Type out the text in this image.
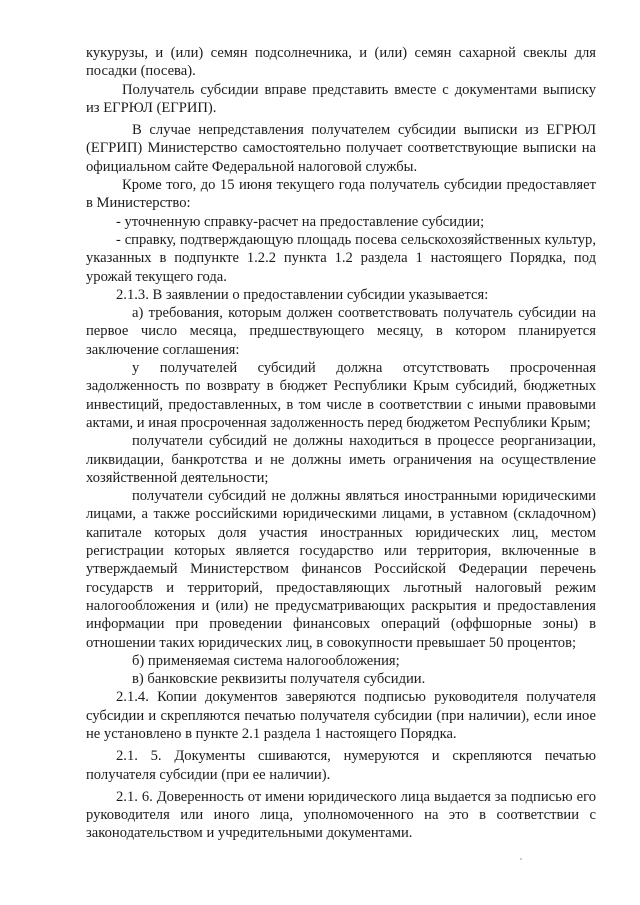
кукурузы, и (или) семян подсолнечника, и (или) семян сахарной свеклы для посадки (посева).

Получатель субсидии вправе представить вместе с документами выписку из ЕГРЮЛ (ЕГРИП).

В случае непредставления получателем субсидии выписки из ЕГРЮЛ (ЕГРИП) Министерство самостоятельно получает соответствующие выписки на официальном сайте Федеральной налоговой службы.

Кроме того, до 15 июня текущего года получатель субсидии предоставляет в Министерство:

- уточненную справку-расчет на предоставление субсидии;

- справку, подтверждающую площадь посева сельскохозяйственных культур, указанных в подпункте 1.2.2 пункта 1.2 раздела 1 настоящего Порядка, под урожай текущего года.

2.1.3. В заявлении о предоставлении субсидии указывается:

а) требования, которым должен соответствовать получатель субсидии на первое число месяца, предшествующего месяцу, в котором планируется заключение соглашения:

у получателей субсидий должна отсутствовать просроченная задолженность по возврату в бюджет Республики Крым субсидий, бюджетных инвестиций, предоставленных, в том числе в соответствии с иными правовыми актами, и иная просроченная задолженность перед бюджетом Республики Крым;

получатели субсидий не должны находиться в процессе реорганизации, ликвидации, банкротства и не должны иметь ограничения на осуществление хозяйственной деятельности;

получатели субсидий не должны являться иностранными юридическими лицами, а также российскими юридическими лицами, в уставном (складочном) капитале которых доля участия иностранных юридических лиц, местом регистрации которых является государство или территория, включенные в утверждаемый Министерством финансов Российской Федерации перечень государств и территорий, предоставляющих льготный налоговый режим налогообложения и (или) не предусматривающих раскрытия и предоставления информации при проведении финансовых операций (оффшорные зоны) в отношении таких юридических лиц, в совокупности превышает 50 процентов;

б) применяемая система налогообложения;

в) банковские реквизиты получателя субсидии.

2.1.4. Копии документов заверяются подписью руководителя получателя субсидии и скрепляются печатью получателя субсидии (при наличии), если иное не установлено в пункте 2.1 раздела 1 настоящего Порядка.

2.1. 5. Документы сшиваются, нумеруются и скрепляются печатью получателя субсидии (при ее наличии).

2.1. 6. Доверенность от имени юридического лица выдается за подписью его руководителя или иного лица, уполномоченного на это в соответствии с законодательством и учредительными документами.
